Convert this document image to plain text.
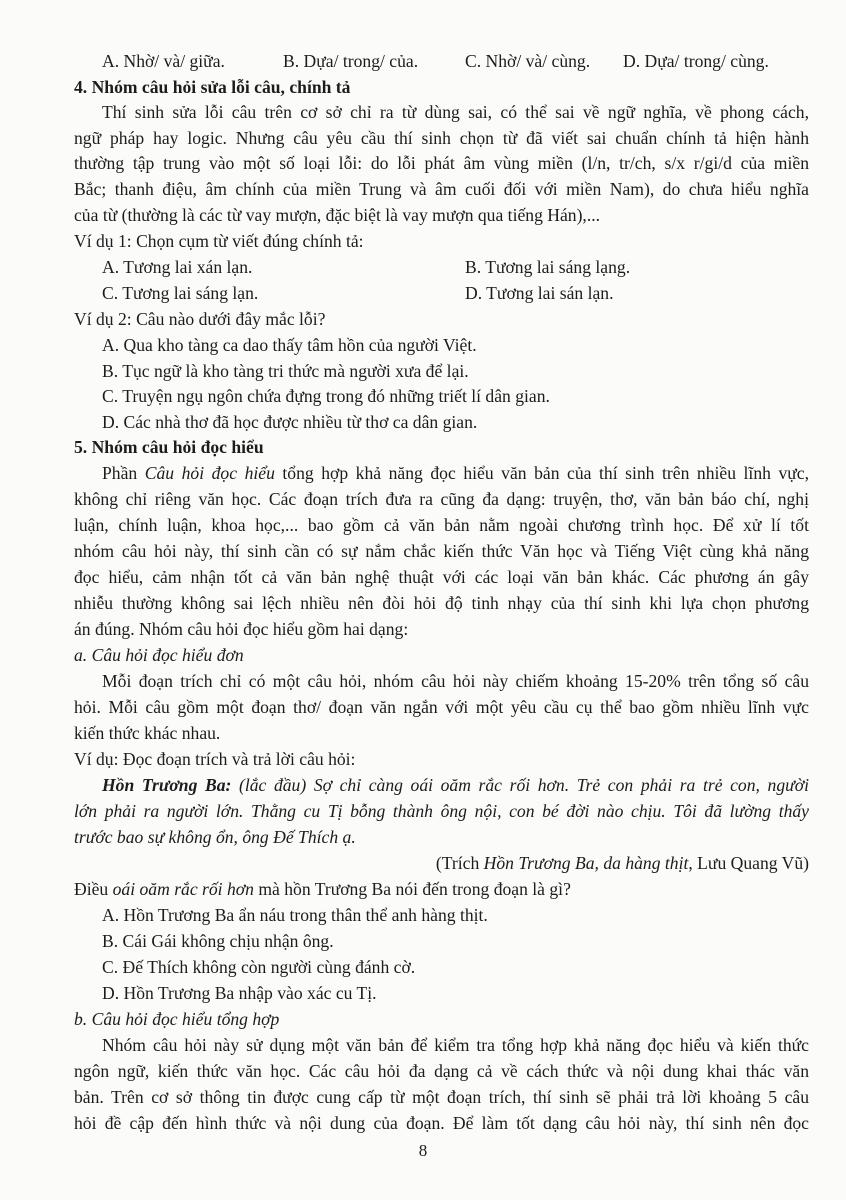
A. Nhờ/ và/ giữa.	B. Dựa/ trong/ của.	C. Nhờ/ và/ cùng. D. Dựa/ trong/ cùng.
4. Nhóm câu hỏi sửa lỗi câu, chính tả
Thí sinh sửa lỗi câu trên cơ sở chỉ ra từ dùng sai, có thể sai về ngữ nghĩa, về phong cách,
ngữ pháp hay logic. Nhưng câu yêu cầu thí sinh chọn từ đã viết sai chuẩn chính tả hiện hành
thường tập trung vào một số loại lỗi: do lỗi phát âm vùng miền (l/n, tr/ch, s/x r/gi/d của miền
Bắc; thanh điệu, âm chính của miền Trung và âm cuối đối với miền Nam), do chưa hiểu nghĩa
của từ (thường là các từ vay mượn, đặc biệt là vay mượn qua tiếng Hán),...
Ví dụ 1: Chọn cụm từ viết đúng chính tả:
A. Tương lai xán lạn.	B. Tương lai sáng lạng.
C. Tương lai sáng lạn.	D. Tương lai sán lạn.
Ví dụ 2: Câu nào dưới đây mắc lỗi?
A. Qua kho tàng ca dao thấy tâm hồn của người Việt.
B. Tục ngữ là kho tàng tri thức mà người xưa để lại.
C. Truyện ngụ ngôn chứa đựng trong đó những triết lí dân gian.
D. Các nhà thơ đã học được nhiều từ thơ ca dân gian.
5. Nhóm câu hỏi đọc hiểu
Phần Câu hỏi đọc hiểu tổng hợp khả năng đọc hiểu văn bản của thí sinh trên nhiều lĩnh vực,
không chỉ riêng văn học. Các đoạn trích đưa ra cũng đa dạng: truyện, thơ, văn bản báo chí, nghị
luận, chính luận, khoa học,... bao gồm cả văn bản nằm ngoài chương trình học. Để xử lí tốt
nhóm câu hỏi này, thí sinh cần có sự nắm chắc kiến thức Văn học và Tiếng Việt cùng khả năng
đọc hiểu, cảm nhận tốt cả văn bản nghệ thuật với các loại văn bản khác. Các phương án gây
nhiễu thường không sai lệch nhiều nên đòi hỏi độ tinh nhạy của thí sinh khi lựa chọn phương
án đúng. Nhóm câu hỏi đọc hiểu gồm hai dạng:
a. Câu hỏi đọc hiểu đơn
Mỗi đoạn trích chỉ có một câu hỏi, nhóm câu hỏi này chiếm khoảng 15-20% trên tổng số câu
hỏi. Mỗi câu gồm một đoạn thơ/ đoạn văn ngắn với một yêu cầu cụ thể bao gồm nhiều lĩnh vực
kiến thức khác nhau.
Ví dụ: Đọc đoạn trích và trả lời câu hỏi:
Hồn Trương Ba: (lắc đầu) Sợ chỉ càng oái oăm rắc rối hơn. Trẻ con phải ra trẻ con, người
lớn phải ra người lớn. Thằng cu Tị bỗng thành ông nội, con bé đời nào chịu. Tôi đã lường thấy
trước bao sự không ổn, ông Đế Thích ạ.
(Trích Hồn Trương Ba, da hàng thịt, Lưu Quang Vũ)
Điều oái oăm rắc rối hơn mà hồn Trương Ba nói đến trong đoạn là gì?
A. Hồn Trương Ba ẩn náu trong thân thể anh hàng thịt.
B. Cái Gái không chịu nhận ông.
C. Đế Thích không còn người cùng đánh cờ.
D. Hồn Trương Ba nhập vào xác cu Tị.
b. Câu hỏi đọc hiểu tổng hợp
Nhóm câu hỏi này sử dụng một văn bản để kiểm tra tổng hợp khả năng đọc hiểu và kiến thức
ngôn ngữ, kiến thức văn học. Các câu hỏi đa dạng cả về cách thức và nội dung khai thác văn
bản. Trên cơ sở thông tin được cung cấp từ một đoạn trích, thí sinh sẽ phải trả lời khoảng 5 câu
hỏi đề cập đến hình thức và nội dung của đoạn. Để làm tốt dạng câu hỏi này, thí sinh nên đọc
8
